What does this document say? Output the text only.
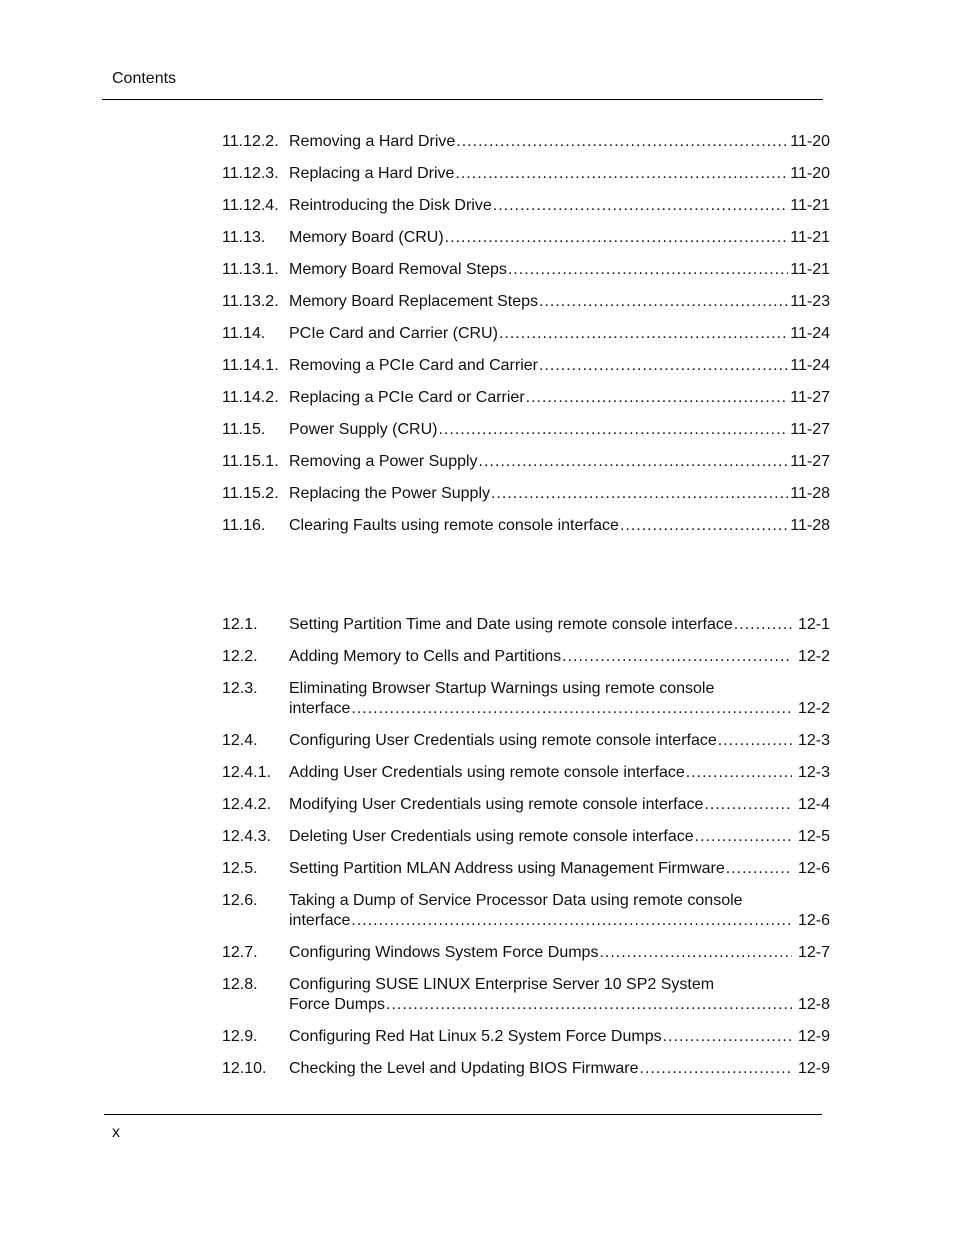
Contents
11.12.2. Removing a Hard Drive .....	11-20
11.12.3. Replacing a Hard Drive .....	11-20
11.12.4. Reintroducing the Disk Drive .....	11-21
11.13. Memory Board (CRU) .....	11-21
11.13.1. Memory Board Removal Steps .....	11-21
11.13.2. Memory Board Replacement Steps .....	11-23
11.14. PCIe Card and Carrier (CRU) .....	11-24
11.14.1. Removing a PCIe Card and Carrier .....	11-24
11.14.2. Replacing a PCIe Card or Carrier .....	11-27
11.15. Power Supply (CRU) .....	11-27
11.15.1. Removing a Power Supply .....	11-27
11.15.2. Replacing the Power Supply .....	11-28
11.16. Clearing Faults using remote console interface .....	11-28
12.1. Setting Partition Time and Date using remote console interface .....	12-1
12.2. Adding Memory to Cells and Partitions .....	12-2
12.3. Eliminating Browser Startup Warnings using remote console
interface .....	12-2
12.4. Configuring User Credentials using remote console interface .....	12-3
12.4.1. Adding User Credentials using remote console interface .....	12-3
12.4.2. Modifying User Credentials using remote console interface .....	12-4
12.4.3. Deleting User Credentials using remote console interface .....	12-5
12.5. Setting Partition MLAN Address using Management Firmware .....	12-6
12.6. Taking a Dump of Service Processor Data using remote console
interface .....	12-6
12.7. Configuring Windows System Force Dumps .....	12-7
12.8. Configuring SUSE LINUX Enterprise Server 10 SP2 System
Force Dumps .....	12-8
12.9. Configuring Red Hat Linux 5.2 System Force Dumps .....	12-9
12.10. Checking the Level and Updating BIOS Firmware .....	12-9
x
